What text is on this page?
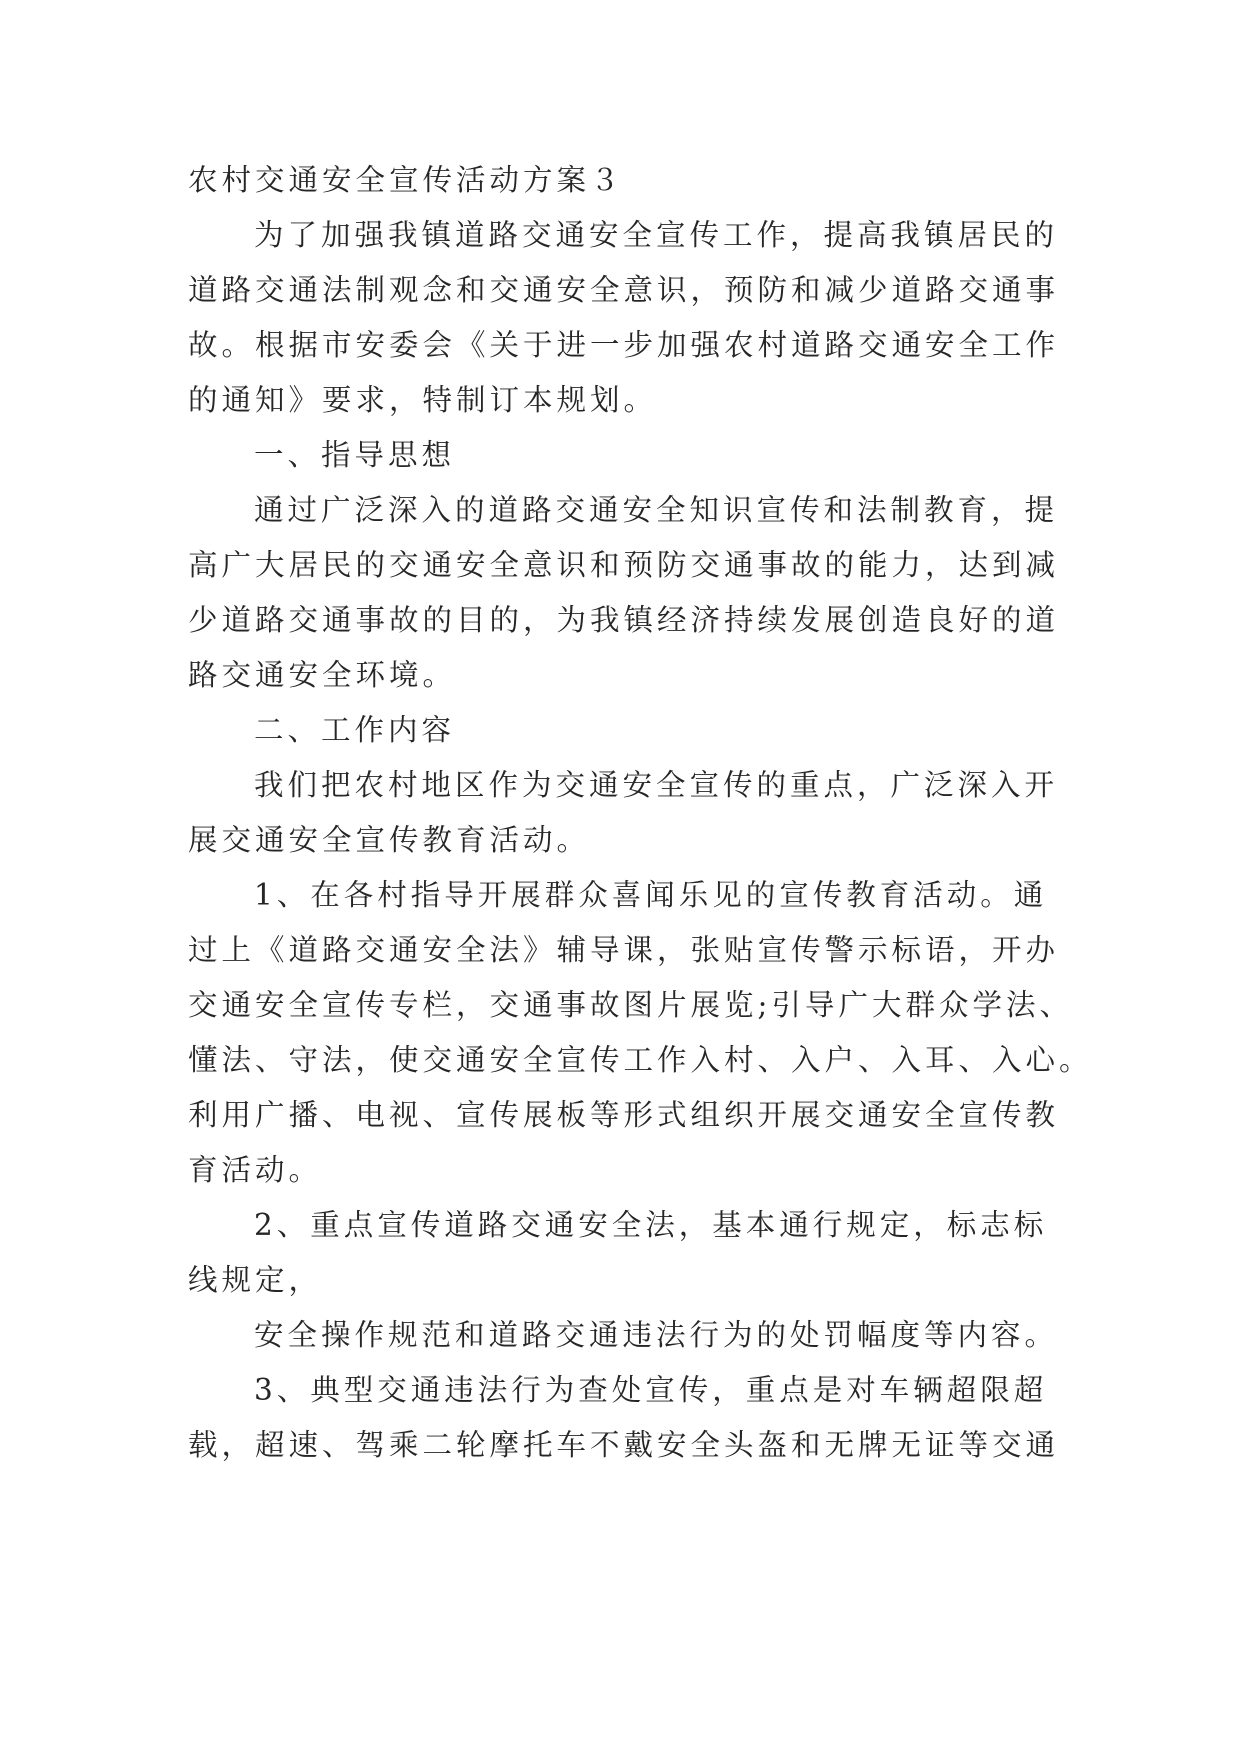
农村交通安全宣传活动方案３
为了加强我镇道路交通安全宣传工作，提高我镇居民的
道路交通法制观念和交通安全意识，预防和减少道路交通事
故。根据市安委会《关于进一步加强农村道路交通安全工作
的通知》要求，特制订本规划。
一、指导思想
通过广泛深入的道路交通安全知识宣传和法制教育，提
高广大居民的交通安全意识和预防交通事故的能力，达到减
少道路交通事故的目的，为我镇经济持续发展创造良好的道
路交通安全环境。
二、工作内容
我们把农村地区作为交通安全宣传的重点，广泛深入开
展交通安全宣传教育活动。
1、在各村指导开展群众喜闻乐见的宣传教育活动。通
过上《道路交通安全法》辅导课，张贴宣传警示标语，开办
交通安全宣传专栏，交通事故图片展览;引导广大群众学法、
懂法、守法，使交通安全宣传工作入村、入户、入耳、入心。
利用广播、电视、宣传展板等形式组织开展交通安全宣传教
育活动。
2、重点宣传道路交通安全法，基本通行规定，标志标
线规定，
安全操作规范和道路交通违法行为的处罚幅度等内容。
3、典型交通违法行为查处宣传，重点是对车辆超限超
载，超速、驾乘二轮摩托车不戴安全头盔和无牌无证等交通
